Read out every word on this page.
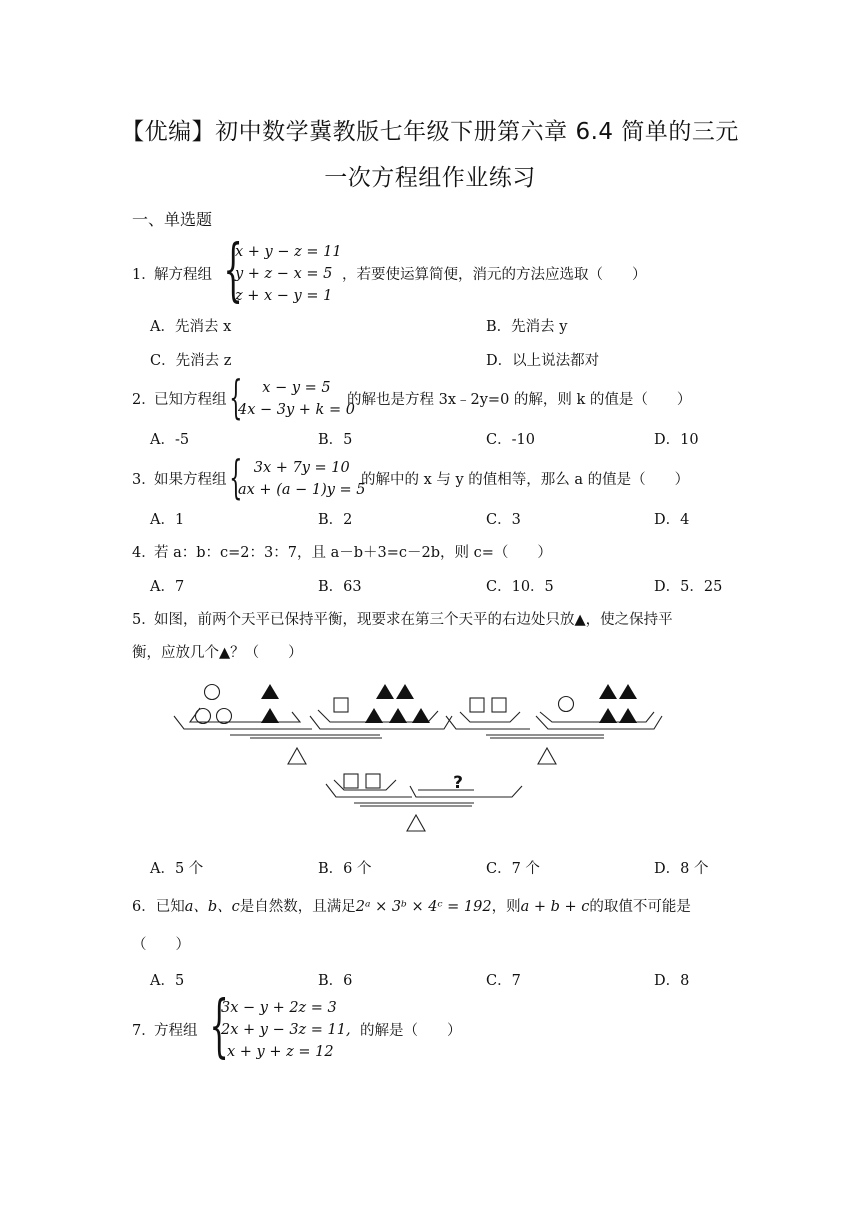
【优编】初中数学冀教版七年级下册第六章 6.4 简单的三元
一次方程组作业练习
一、单选题
1．
解方程组 {
x + y − z = 11
y + z − x = 5
z + x − y = 1
，若要使运算简便，消元的方法应选取（　　）
A．先消去 x	B．先消去 y
C．先消去 z	D．以上说法都对
2．
已知方程组 { x − y = 5
4x − 3y + k = 0
的解也是方程 3x﹣2y=0 的解，则 k 的值是（　　）
A．-5	B．5	C．-10	D．10
3．
如果方程组 { 3x + 7y = 10
ax + (a − 1)y = 5
的解中的 x 与 y 的值相等，那么 a 的值是（　　）
A．1	B．2	C．3	D．4
4．
若 a：b：c=2：3：7，且 a－b＋3=c－2b，则 c=（　　）
A．7	B．63	C．10．5	D．5．25
5．
如图，前两个天平已保持平衡，现要求在第三个天平的右边处只放▲，使之保持平
衡，应放几个▲？（　　）
?
A．5 个	B．6 个	C．7 个	D．8 个
6．已知a、b、c是自然数，且满足2ᵃ × 3ᵇ × 4ᶜ = 192，则a + b + c的取值不可能是
（　　）
A．5	B．6	C．7	D．8
7．
方程组 {
3x − y + 2z = 3
2x + y − 3z = 11,
x + y + z = 12
的解是（　　）
